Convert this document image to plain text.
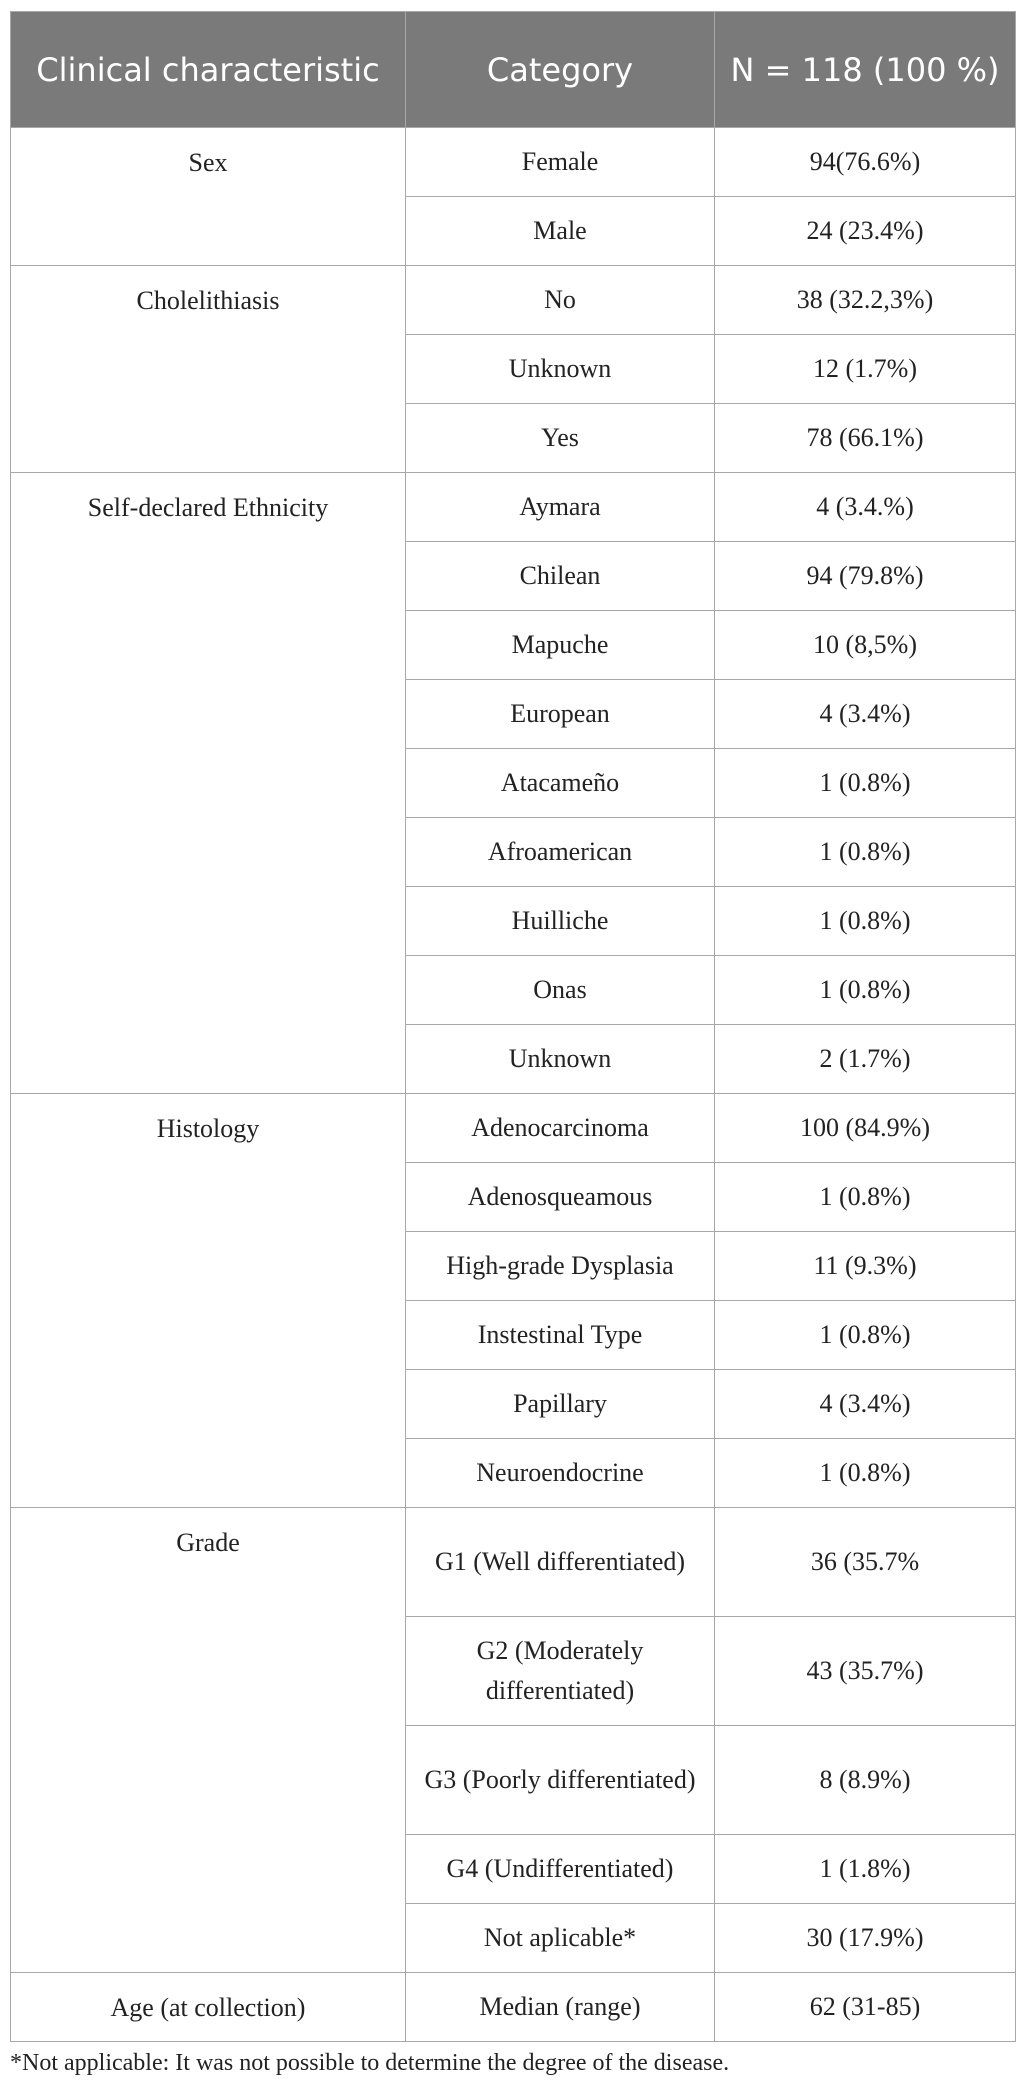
Clinical characteristic	Category	N = 118 (100 %)
Sex	Female	94(76.6%)
	Male	24 (23.4%)
Cholelithiasis	No	38 (32.2,3%)
	Unknown	12 (1.7%)
	Yes	78 (66.1%)
Self-declared Ethnicity	Aymara	4 (3.4.%)
	Chilean	94 (79.8%)
	Mapuche	10 (8,5%)
	European	4 (3.4%)
	Atacameño	1 (0.8%)
	Afroamerican	1 (0.8%)
	Huilliche	1 (0.8%)
	Onas	1 (0.8%)
	Unknown	2 (1.7%)
Histology	Adenocarcinoma	100 (84.9%)
	Adenosqueamous	1 (0.8%)
	High-grade Dysplasia	11 (9.3%)
	Instestinal Type	1 (0.8%)
	Papillary	4 (3.4%)
	Neuroendocrine	1 (0.8%)
Grade	G1 (Well differentiated)	36 (35.7%
	G2 (Moderately differentiated)	43 (35.7%)
	G3 (Poorly differentiated)	8 (8.9%)
	G4 (Undifferentiated)	1 (1.8%)
	Not aplicable*	30 (17.9%)
Age (at collection)	Median (range)	62 (31-85)
*Not applicable: It was not possible to determine the degree of the disease.
